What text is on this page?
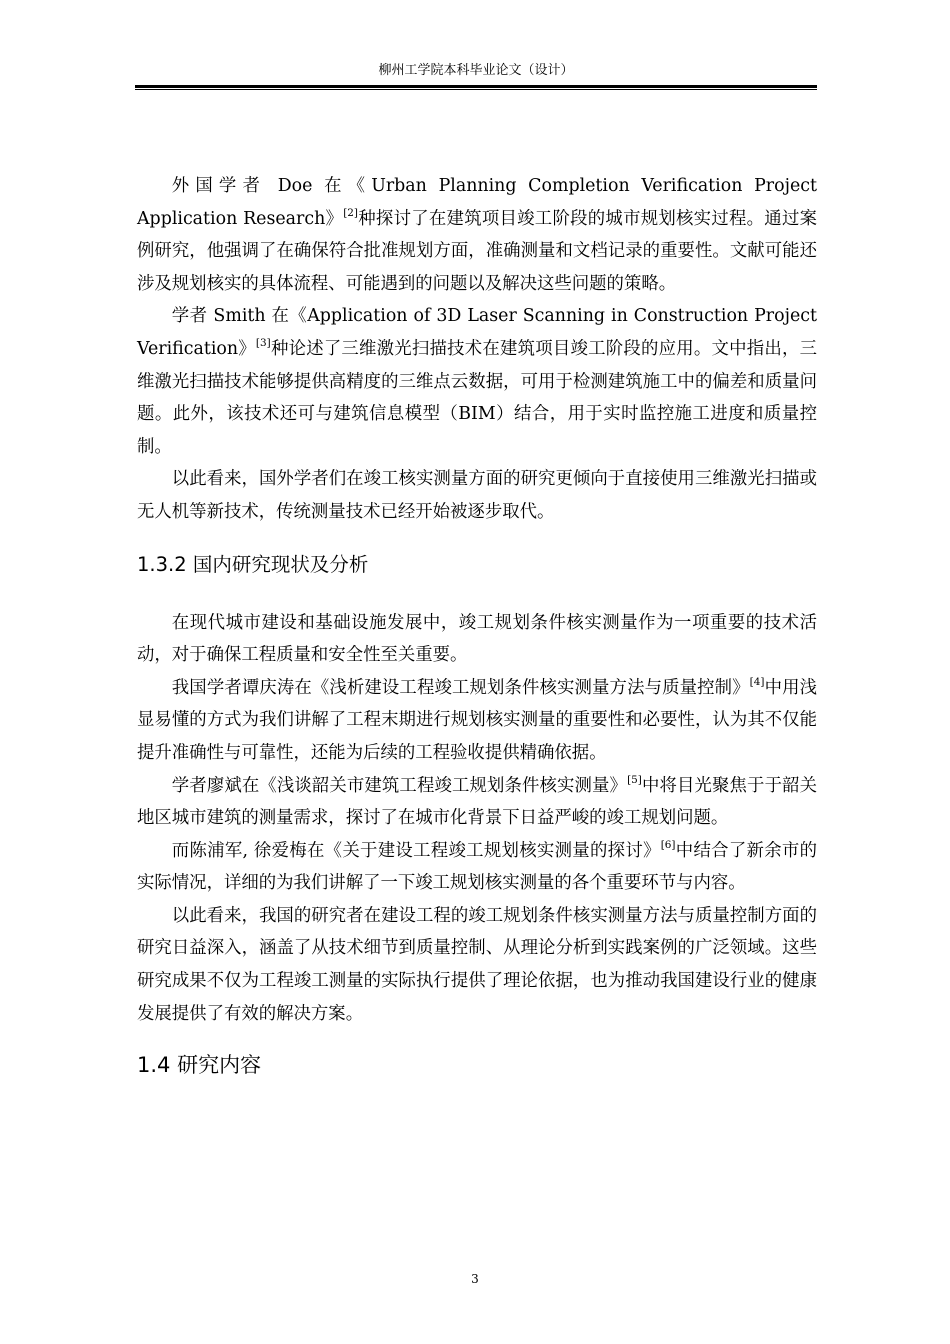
柳州工学院本科毕业论文（设计）

外国学者 Doe 在《Urban Planning Completion Verification Project Application Research》[2]种探讨了在建筑项目竣工阶段的城市规划核实过程。通过案例研究，他强调了在确保符合批准规划方面，准确测量和文档记录的重要性。文献可能还涉及规划核实的具体流程、可能遇到的问题以及解决这些问题的策略。

学者 Smith 在《Application of 3D Laser Scanning in Construction Project Verification》[3]种论述了三维激光扫描技术在建筑项目竣工阶段的应用。文中指出，三维激光扫描技术能够提供高精度的三维点云数据，可用于检测建筑施工中的偏差和质量问题。此外，该技术还可与建筑信息模型（BIM）结合，用于实时监控施工进度和质量控制。

以此看来，国外学者们在竣工核实测量方面的研究更倾向于直接使用三维激光扫描或无人机等新技术，传统测量技术已经开始被逐步取代。

1.3.2 国内研究现状及分析

在现代城市建设和基础设施发展中，竣工规划条件核实测量作为一项重要的技术活动，对于确保工程质量和安全性至关重要。

我国学者谭庆涛在《浅析建设工程竣工规划条件核实测量方法与质量控制》[4]中用浅显易懂的方式为我们讲解了工程末期进行规划核实测量的重要性和必要性，认为其不仅能提升准确性与可靠性，还能为后续的工程验收提供精确依据。

学者廖斌在《浅谈韶关市建筑工程竣工规划条件核实测量》[5]中将目光聚焦于于韶关地区城市建筑的测量需求，探讨了在城市化背景下日益严峻的竣工规划问题。

而陈浦军, 徐爱梅在《关于建设工程竣工规划核实测量的探讨》[6]中结合了新余市的实际情况，详细的为我们讲解了一下竣工规划核实测量的各个重要环节与内容。

以此看来，我国的研究者在建设工程的竣工规划条件核实测量方法与质量控制方面的研究日益深入，涵盖了从技术细节到质量控制、从理论分析到实践案例的广泛领域。这些研究成果不仅为工程竣工测量的实际执行提供了理论依据，也为推动我国建设行业的健康发展提供了有效的解决方案。

1.4 研究内容
3
